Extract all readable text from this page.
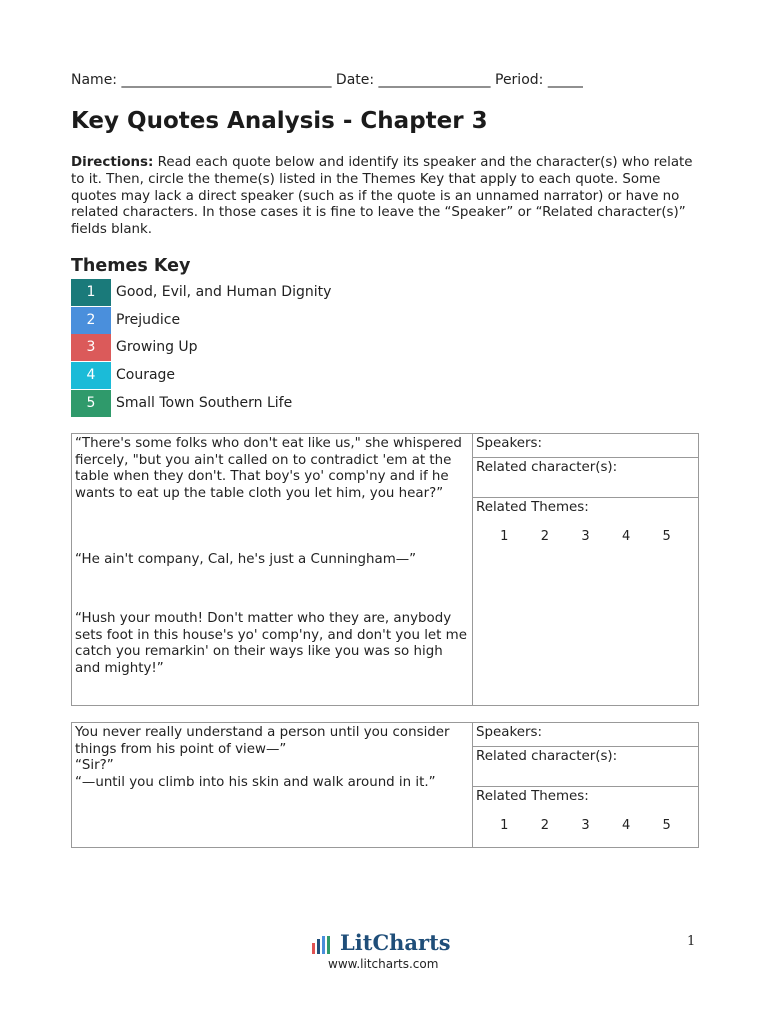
Name: ______________________________ Date: ________________ Period: _____
Key Quotes Analysis - Chapter 3

Directions: Read each quote below and identify its speaker and the character(s) who relate to it. Then, circle the theme(s) listed in the Themes Key that apply to each quote. Some quotes may lack a direct speaker (such as if the quote is an unnamed narrator) or have no related characters. In those cases it is fine to leave the “Speaker” or “Related character(s)” fields blank.

Themes Key
1	Good, Evil, and Human Dignity
2	Prejudice
3	Growing Up
4	Courage
5	Small Town Southern Life

“There's some folks who don't eat like us," she whispered fiercely, "but you ain't called on to contradict 'em at the table when they don't. That boy's yo' comp'ny and if he wants to eat up the table cloth you let him, you hear?”

“He ain't company, Cal, he's just a Cunningham—”

“Hush your mouth! Don't matter who they are, anybody sets foot in this house's yo' comp'ny, and don't you let me catch you remarkin' on their ways like you was so high and mighty!”

Speakers:

Related character(s):

Related Themes:
1 2 3 4 5

You never really understand a person until you consider things from his point of view—”

“Sir?”

“—until you climb into his skin and walk around in it.”

Speakers:

Related character(s):

Related Themes:
1 2 3 4 5
LitCharts
www.litcharts.com
1
